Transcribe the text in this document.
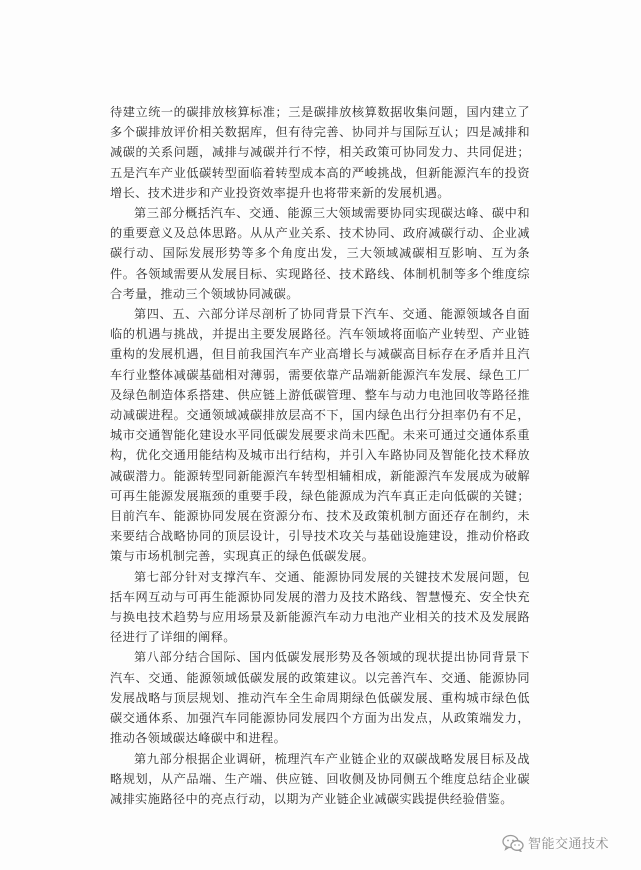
待建立统一的碳排放核算标准；三是碳排放核算数据收集问题，国内建立了多个碳排放评价相关数据库，但有待完善、协同并与国际互认；四是减排和减碳的关系问题，减排与减碳并行不悖，相关政策可协同发力、共同促进；五是汽车产业低碳转型面临着转型成本高的严峻挑战，但新能源汽车的投资增长、技术进步和产业投资效率提升也将带来新的发展机遇。

第三部分概括汽车、交通、能源三大领域需要协同实现碳达峰、碳中和的重要意义及总体思路。从从产业关系、技术协同、政府减碳行动、企业减碳行动、国际发展形势等多个角度出发，三大领域减碳相互影响、互为条件。各领域需要从发展目标、实现路径、技术路线、体制机制等多个维度综合考量，推动三个领域协同减碳。

第四、五、六部分详尽剖析了协同背景下汽车、交通、能源领域各自面临的机遇与挑战，并提出主要发展路径。汽车领域将面临产业转型、产业链重构的发展机遇，但目前我国汽车产业高增长与减碳高目标存在矛盾并且汽车行业整体减碳基础相对薄弱，需要依靠产品端新能源汽车发展、绿色工厂及绿色制造体系搭建、供应链上游低碳管理、整车与动力电池回收等路径推动减碳进程。交通领域减碳排放层高不下，国内绿色出行分担率仍有不足，城市交通智能化建设水平同低碳发展要求尚未匹配。未来可通过交通体系重构，优化交通用能结构及城市出行结构，并引入车路协同及智能化技术释放减碳潜力。能源转型同新能源汽车转型相辅相成，新能源汽车发展成为破解可再生能源发展瓶颈的重要手段，绿色能源成为汽车真正走向低碳的关键；目前汽车、能源协同发展在资源分布、技术及政策机制方面还存在制约，未来要结合战略协同的顶层设计，引导技术攻关与基础设施建设，推动价格政策与市场机制完善，实现真正的绿色低碳发展。

第七部分针对支撑汽车、交通、能源协同发展的关键技术发展问题，包括车网互动与可再生能源协同发展的潜力及技术路线、智慧慢充、安全快充与换电技术趋势与应用场景及新能源汽车动力电池产业相关的技术及发展路径进行了详细的阐释。

第八部分结合国际、国内低碳发展形势及各领域的现状提出协同背景下汽车、交通、能源领域低碳发展的政策建议。以完善汽车、交通、能源协同发展战略与顶层规划、推动汽车全生命周期绿色低碳发展、重构城市绿色低碳交通体系、加强汽车同能源协同发展四个方面为出发点，从政策端发力，推动各领域碳达峰碳中和进程。

第九部分根据企业调研，梳理汽车产业链企业的双碳战略发展目标及战略规划，从产品端、生产端、供应链、回收侧及协同侧五个维度总结企业碳减排实施路径中的亮点行动，以期为产业链企业减碳实践提供经验借鉴。

智能交通技术
